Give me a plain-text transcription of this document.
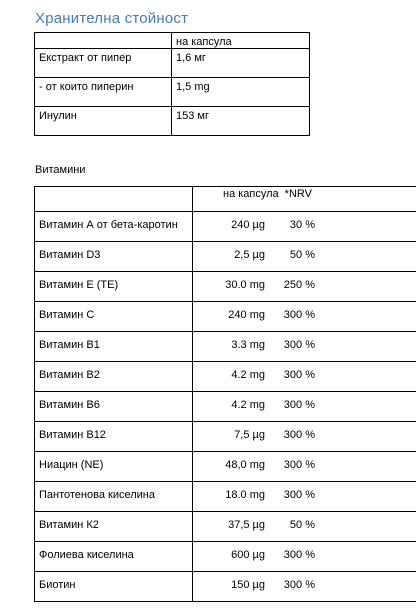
Хранителна стойност
	на капсула
Екстракт от пипер	1,6 мг
- от които пиперин	1,5 mg
Инулин	153 мг
Витамини
	на капсула *NRV
Витамин А от бета-каротин	240 µg 30 %
Витамин D3	2,5 µg 50 %
Витамин Е (ТЕ)	30.0 mg 250 %
Витамин С	240 mg 300 %
Витамин В1	3.3 mg 300 %
Витамин В2	4.2 mg 300 %
Витамин В6	4.2 mg 300 %
Витамин В12	7,5 µg 300 %
Ниацин (NE)	48,0 mg 300 %
Пантотенова киселина	18.0 mg 300 %
Витамин К2	37,5 µg 50 %
Фолиева киселина	600 µg 300 %
Биотин	150 µg 300 %
